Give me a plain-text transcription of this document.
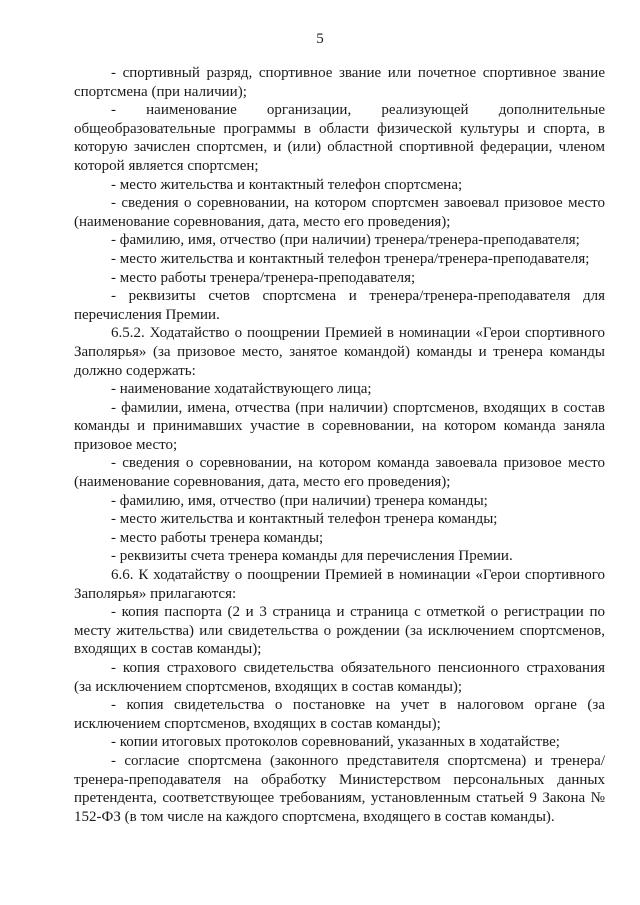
5

- спортивный разряд, спортивное звание или почетное спортивное звание спортсмена (при наличии);

- наименование организации, реализующей дополнительные общеобразовательные программы в области физической культуры и спорта, в которую зачислен спортсмен, и (или) областной спортивной федерации, членом которой является спортсмен;

- место жительства и контактный телефон спортсмена;

- сведения о соревновании, на котором спортсмен завоевал призовое место (наименование соревнования, дата, место его проведения);

- фамилию, имя, отчество (при наличии) тренера/тренера-преподавателя;

- место жительства и контактный телефон тренера/тренера-преподавателя;

- место работы тренера/тренера-преподавателя;

- реквизиты счетов спортсмена и тренера/тренера-преподавателя для перечисления Премии.

6.5.2. Ходатайство о поощрении Премией в номинации «Герои спортивного Заполярья» (за призовое место, занятое командой) команды и тренера команды должно содержать:

- наименование ходатайствующего лица;

- фамилии, имена, отчества (при наличии) спортсменов, входящих в состав команды и принимавших участие в соревновании, на котором команда заняла призовое место;

- сведения о соревновании, на котором команда завоевала призовое место (наименование соревнования, дата, место его проведения);

- фамилию, имя, отчество (при наличии) тренера команды;

- место жительства и контактный телефон тренера команды;

- место работы тренера команды;

- реквизиты счета тренера команды для перечисления Премии.

6.6. К ходатайству о поощрении Премией в номинации «Герои спортивного Заполярья» прилагаются:

- копия паспорта (2 и 3 страница и страница с отметкой о регистрации по месту жительства) или свидетельства о рождении (за исключением спортсменов, входящих в состав команды);

- копия страхового свидетельства обязательного пенсионного страхования (за исключением спортсменов, входящих в состав команды);

- копия свидетельства о постановке на учет в налоговом органе (за исключением спортсменов, входящих в состав команды);

- копии итоговых протоколов соревнований, указанных в ходатайстве;

- согласие спортсмена (законного представителя спортсмена) и тренера/тренера-преподавателя на обработку Министерством персональных данных претендента, соответствующее требованиям, установленным статьей 9 Закона № 152-ФЗ (в том числе на каждого спортсмена, входящего в состав команды).
